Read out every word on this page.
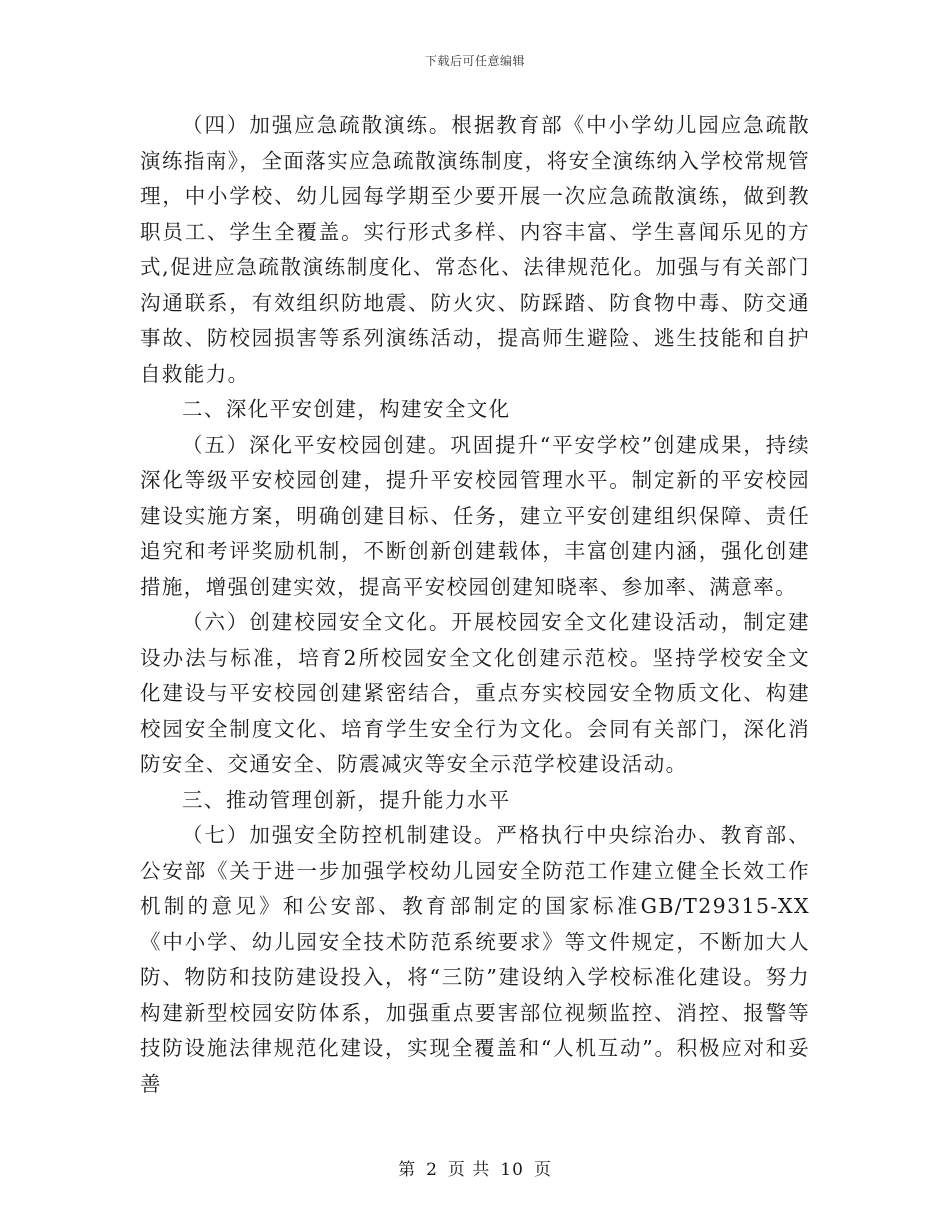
下载后可任意编辑

（四）加强应急疏散演练。根据教育部《中小学幼儿园应急疏散演练指南》，全面落实应急疏散演练制度，将安全演练纳入学校常规管理，中小学校、幼儿园每学期至少要开展一次应急疏散演练，做到教职员工、学生全覆盖。实行形式多样、内容丰富、学生喜闻乐见的方式,促进应急疏散演练制度化、常态化、法律规范化。加强与有关部门沟通联系，有效组织防地震、防火灾、防踩踏、防食物中毒、防交通事故、防校园损害等系列演练活动，提高师生避险、逃生技能和自护自救能力。

二、深化平安创建，构建安全文化

（五）深化平安校园创建。巩固提升“平安学校”创建成果，持续深化等级平安校园创建，提升平安校园管理水平。制定新的平安校园建设实施方案，明确创建目标、任务，建立平安创建组织保障、责任追究和考评奖励机制，不断创新创建载体，丰富创建内涵，强化创建措施，增强创建实效，提高平安校园创建知晓率、参加率、满意率。

（六）创建校园安全文化。开展校园安全文化建设活动，制定建设办法与标准，培育2所校园安全文化创建示范校。坚持学校安全文化建设与平安校园创建紧密结合，重点夯实校园安全物质文化、构建校园安全制度文化、培育学生安全行为文化。会同有关部门，深化消防安全、交通安全、防震减灾等安全示范学校建设活动。

三、推动管理创新，提升能力水平

（七）加强安全防控机制建设。严格执行中央综治办、教育部、公安部《关于进一步加强学校幼儿园安全防范工作建立健全长效工作机制的意见》和公安部、教育部制定的国家标准GB/T29315-XX《中小学、幼儿园安全技术防范系统要求》等文件规定，不断加大人防、物防和技防建设投入，将“三防”建设纳入学校标准化建设。努力构建新型校园安防体系，加强重点要害部位视频监控、消控、报警等技防设施法律规范化建设，实现全覆盖和“人机互动”。积极应对和妥善

第 2 页 共 10 页
